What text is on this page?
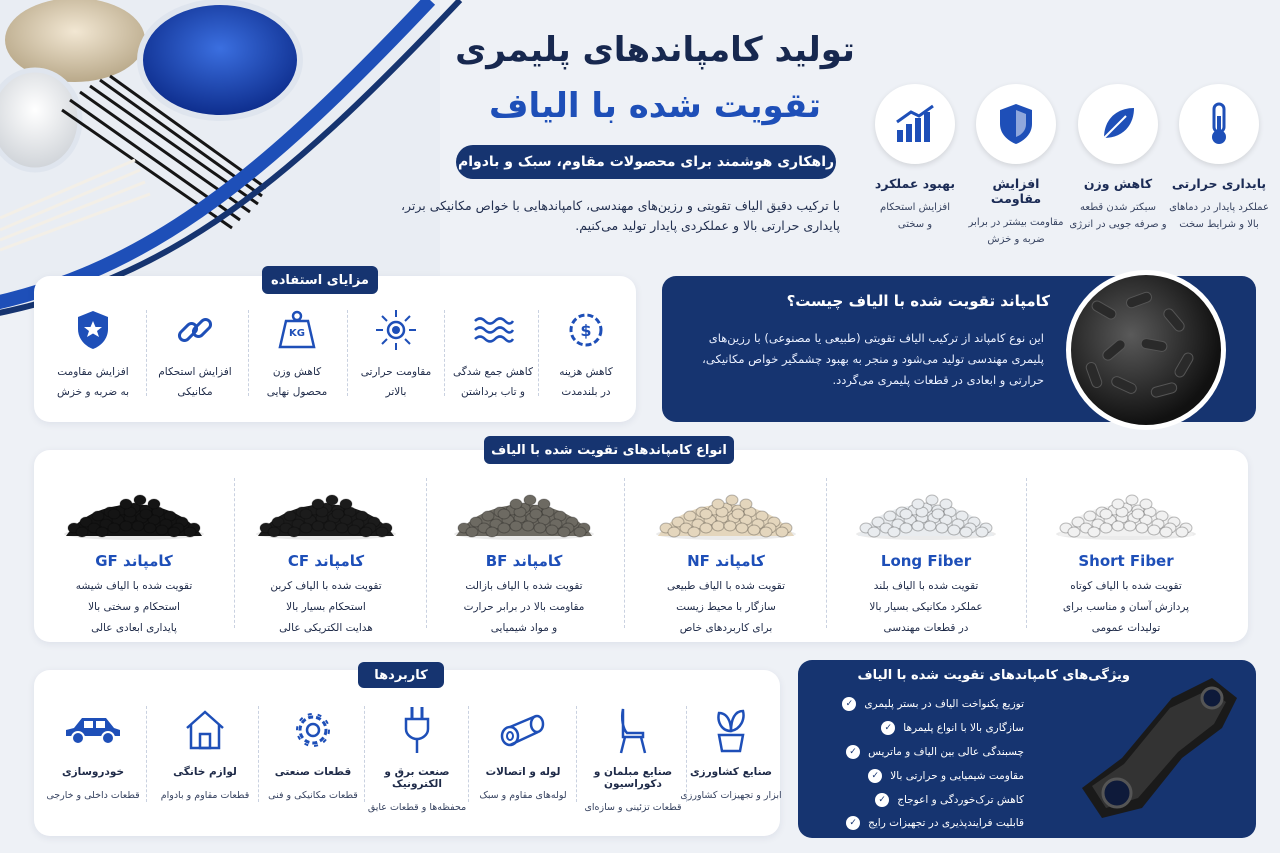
تولید کامپاندهای پلیمری
تقویت شده با الیاف
راهکاری هوشمند برای محصولات مقاوم، سبک و بادوام
با ترکیب دقیق الیاف تقویتی و رزین‌های مهندسی، کامپاندهایی با خواص مکانیکی برتر،
پایداری حرارتی بالا و عملکردی پایدار تولید می‌کنیم.
پایداری حرارتی
عملکرد پایدار در دماهای
بالا و شرایط سخت
کاهش وزن
سبکتر شدن قطعه
و صرفه جویی در انرژی
افزایش مقاومت
مقاومت بیشتر در برابر
ضربه و خزش
بهبود عملکرد
افزایش استحکام
و سختی
مزایای استفاده
$
کاهش هزینه
در بلندمدت
کاهش جمع شدگی
و تاب برداشتن
مقاومت حرارتی
بالاتر
KG
کاهش وزن
محصول نهایی
افزایش استحکام
مکانیکی
افزایش مقاومت
به ضربه و خزش
کامپاند تقویت شده با الیاف چیست؟
این نوع کامپاند از ترکیب الیاف تقویتی (طبیعی یا مصنوعی) با رزین‌های
پلیمری مهندسی تولید می‌شود و منجر به بهبود چشمگیر خواص مکانیکی،
حرارتی و ابعادی در قطعات پلیمری می‌گردد.
انواع کامپاندهای تقویت شده با الیاف
Short Fiber
تقویت شده با الیاف کوتاه
پردازش آسان و مناسب برای
تولیدات عمومی
Long Fiber
تقویت شده با الیاف بلند
عملکرد مکانیکی بسیار بالا
در قطعات مهندسی
کامپاند NF
تقویت شده با الیاف طبیعی
سازگار با محیط زیست
برای کاربردهای خاص
کامپاند BF
تقویت شده با الیاف بازالت
مقاومت بالا در برابر حرارت
و مواد شیمیایی
کامپاند CF
تقویت شده با الیاف کربن
استحکام بسیار بالا
هدایت الکتریکی عالی
کامپاند GF
تقویت شده با الیاف شیشه
استحکام و سختی بالا
پایداری ابعادی عالی
کاربردها
صنایع کشاورزی
ابزار و تجهیزات کشاورزی
صنایع مبلمان و دکوراسیون
قطعات تزئینی و سازه‌ای
لوله و اتصالات
لوله‌های مقاوم و سبک
صنعت برق و الکترونیک
محفظه‌ها و قطعات عایق
قطعات صنعتی
قطعات مکانیکی و فنی
لوازم خانگی
قطعات مقاوم و بادوام
خودروسازی
قطعات داخلی و خارجی
ویژگی‌های کامپاندهای تقویت شده با الیاف
توزیع یکنواخت الیاف در بستر پلیمری
✓
سازگاری بالا با انواع پلیمرها
✓
چسبندگی عالی بین الیاف و ماتریس
✓
مقاومت شیمیایی و حرارتی بالا
✓
کاهش ترک‌خوردگی و اعوجاج
✓
قابلیت فرایندپذیری در تجهیزات رایج
✓
